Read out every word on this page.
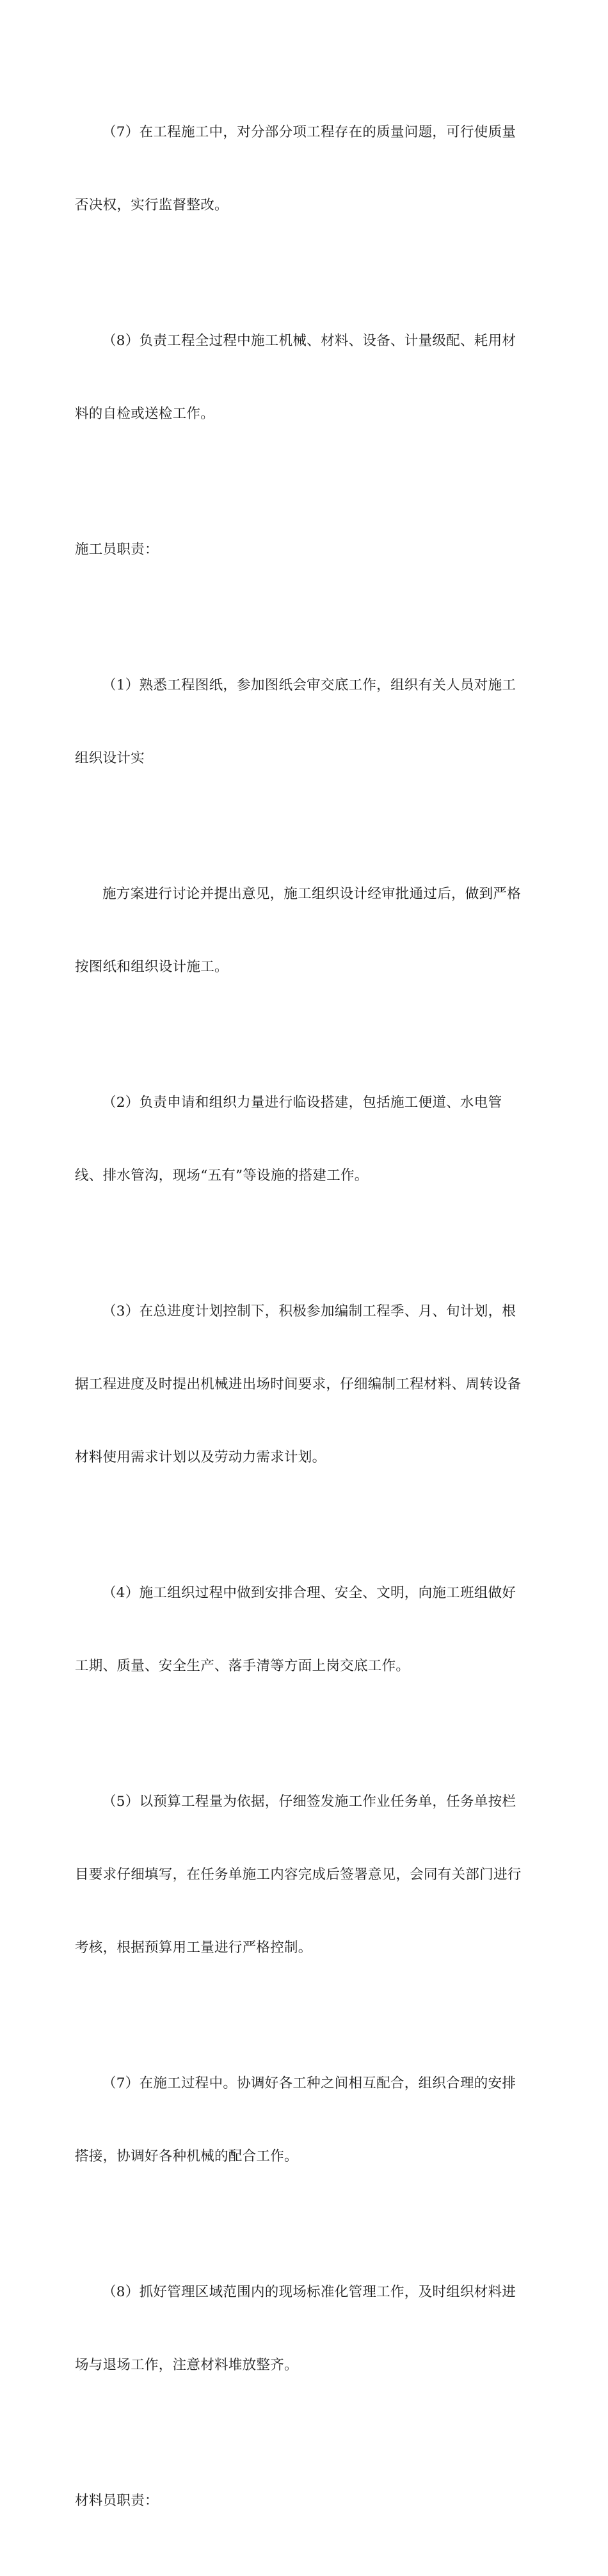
（7）在工程施工中，对分部分项工程存在的质量问题，可行使质量

否决权，实行监督整改。

（8）负责工程全过程中施工机械、材料、设备、计量级配、耗用材

料的自检或送检工作。

施工员职责：

（1）熟悉工程图纸，参加图纸会审交底工作，组织有关人员对施工

组织设计实

施方案进行讨论并提出意见，施工组织设计经审批通过后，做到严格

按图纸和组织设计施工。

（2）负责申请和组织力量进行临设搭建，包括施工便道、水电管

线、排水管沟，现场“五有”等设施的搭建工作。

（3）在总进度计划控制下，积极参加编制工程季、月、旬计划，根

据工程进度及时提出机械进出场时间要求，仔细编制工程材料、周转设备

材料使用需求计划以及劳动力需求计划。

（4）施工组织过程中做到安排合理、安全、文明，向施工班组做好

工期、质量、安全生产、落手清等方面上岗交底工作。

（5）以预算工程量为依据，仔细签发施工作业任务单，任务单按栏

目要求仔细填写，在任务单施工内容完成后签署意见，会同有关部门进行

考核，根据预算用工量进行严格控制。

（7）在施工过程中。协调好各工种之间相互配合，组织合理的安排

搭接，协调好各种机械的配合工作。

（8）抓好管理区域范围内的现场标准化管理工作，及时组织材料进

场与退场工作，注意材料堆放整齐。

材料员职责：
